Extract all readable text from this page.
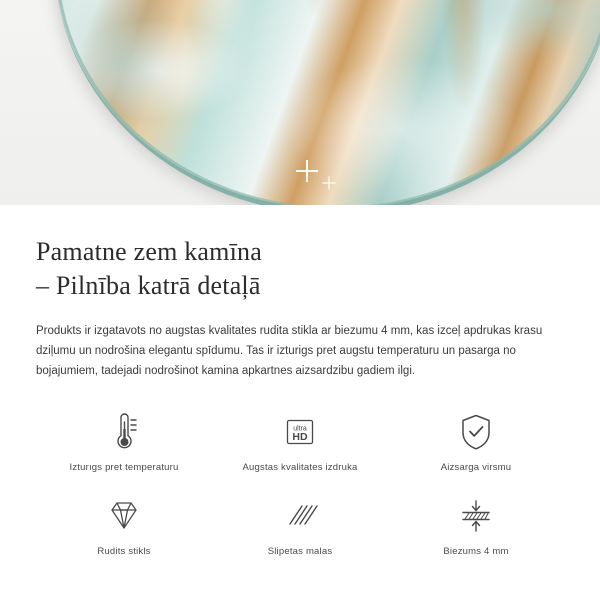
Pamatne zem kamīna
– Pilnība katrā detaļā

Produkts ir izgatavots no augstas kvalitates rudita stikla ar biezumu 4 mm, kas izceļ apdrukas krasu dziļumu un nodrošina elegantu spīdumu. Tas ir izturigs pret augstu temperaturu un pasarga no bojajumiem, tadejadi nodrošinot kamina apkartnes aizsardzibu gadiem ilgi.

Izturıgs pret temperaturu
ultra
HD
Augstas kvalitates izdruka	Aizsarga virsmu
Rudits stikls	Slipetas malas	Biezums 4 mm
